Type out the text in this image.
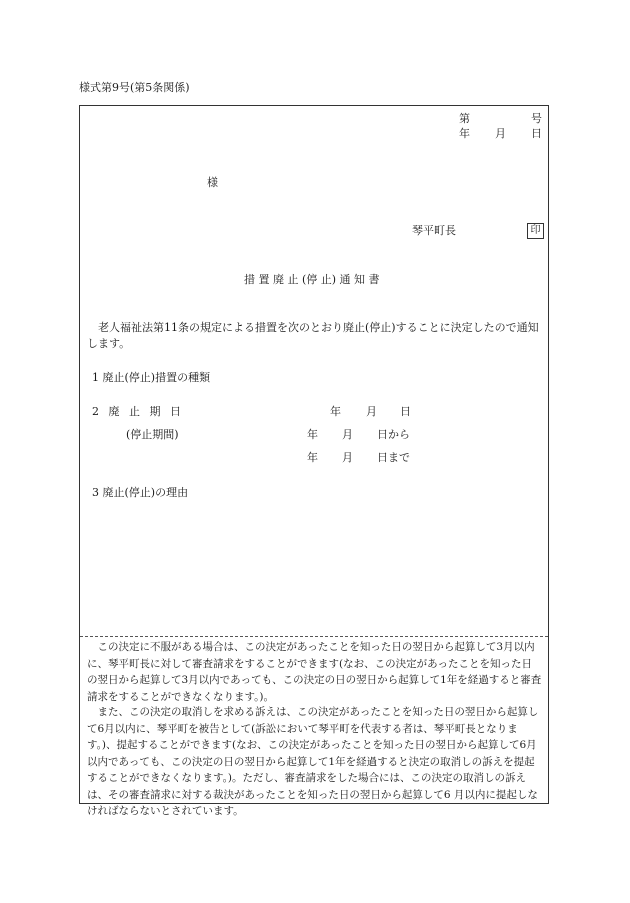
様式第9号(第5条関係)
第	号
年 月 日
様
琴平町長	印
措 置 廃 止 (停 止) 通 知 書
老人福祉法第11条の規定による措置を次のとおり廃止(停止)することに決定したので通知します。
1 廃止(停止)措置の種類
2 廃 止 期 日	年 月 日
(停止期間)	年 月 日から
年 月 日まで
3 廃止(停止)の理由
この決定に不服がある場合は、この決定があったことを知った日の翌日から起算して3月以内に、琴平町長に対して審査請求をすることができます(なお、この決定があったことを知った日の翌日から起算して3月以内であっても、この決定の日の翌日から起算して1年を経過すると審査請求をすることができなくなります。)。
また、この決定の取消しを求める訴えは、この決定があったことを知った日の翌日から起算して6月以内に、琴平町を被告として(訴訟において琴平町を代表する者は、琴平町長となります。)、提起することができます(なお、この決定があったことを知った日の翌日から起算して6月以内であっても、この決定の日の翌日から起算して1年を経過すると決定の取消しの訴えを提起することができなくなります。)。ただし、審査請求をした場合には、この決定の取消しの訴えは、その審査請求に対する裁決があったことを知った日の翌日から起算して6 月以内に提起しなければならないとされています。
